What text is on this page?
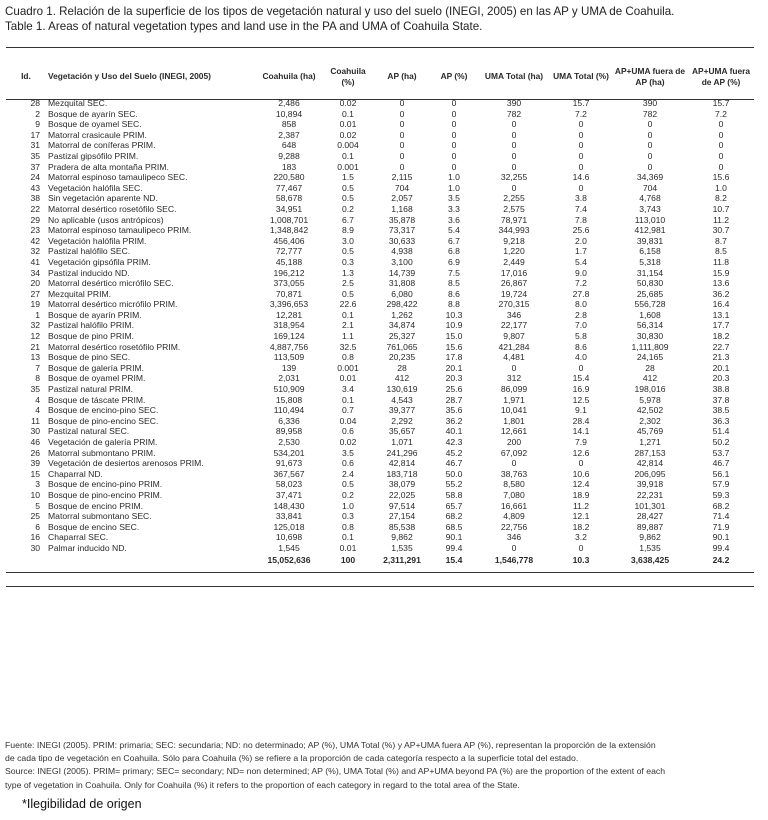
Cuadro 1. Relación de la superficie de los tipos de vegetación natural y uso del suelo (INEGI, 2005) en las AP y UMA de Coahuila.
Table 1. Areas of natural vegetation types and land use in the PA and UMA of Coahuila State.
Id.	Vegetación y Uso del Suelo (INEGI, 2005)	Coahuila (ha)	Coahuila (%)	AP (ha)	AP (%)	UMA Total (ha)	UMA Total (%)	AP+UMA fuera de AP (ha)	AP+UMA fuera de AP (%)
28	Mezquital SEC.	2,486	0.02	0	0	390	15.7	390	15.7
2	Bosque de ayarín SEC.	10,894	0.1	0	0	782	7.2	782	7.2
9	Bosque de oyamel SEC.	858	0.01	0	0	0	0	0	0
17	Matorral crasicaule PRIM.	2,387	0.02	0	0	0	0	0	0
31	Matorral de coníferas PRIM.	648	0.004	0	0	0	0	0	0
35	Pastizal gipsófilo PRIM.	9,288	0.1	0	0	0	0	0	0
37	Pradera de alta montaña PRIM.	183	0.001	0	0	0	0	0	0
24	Matorral espinoso tamaulipeco SEC.	220,580	1.5	2,115	1.0	32,255	14.6	34,369	15.6
43	Vegetación halófila SEC.	77,467	0.5	704	1.0	0	0	704	1.0
38	Sin vegetación aparente ND.	58,678	0.5	2,057	3.5	2,255	3.8	4,768	8.2
22	Matorral desértico rosetófilo SEC.	34,951	0.2	1,168	3.3	2,575	7.4	3,743	10.7
29	No aplicable (usos antrópicos)	1,008,701	6.7	35,878	3.6	78,971	7.8	113,010	11.2
23	Matorral espinoso tamaulipeco PRIM.	1,348,842	8.9	73,317	5.4	344,993	25.6	412,981	30.7
42	Vegetación halófila PRIM.	456,406	3.0	30,633	6.7	9,218	2.0	39,831	8.7
32	Pastizal halófilo SEC.	72,777	0.5	4,938	6.8	1,220	1.7	6,158	8.5
41	Vegetación gipsófila PRIM.	45,188	0.3	3,100	6.9	2,449	5.4	5,318	11.8
34	Pastizal inducido ND.	196,212	1.3	14,739	7.5	17,016	9.0	31,154	15.9
20	Matorral desértico micrófilo SEC.	373,055	2.5	31,808	8.5	26,867	7.2	50,830	13.6
27	Mezquital PRIM.	70,871	0.5	6,080	8.6	19,724	27.8	25,685	36.2
19	Matorral desértico micrófilo PRIM.	3,396,653	22.6	298,422	8.8	270,315	8.0	556,728	16.4
1	Bosque de ayarín PRIM.	12,281	0.1	1,262	10.3	346	2.8	1,608	13.1
32	Pastizal halófilo PRIM.	318,954	2.1	34,874	10.9	22,177	7.0	56,314	17.7
12	Bosque de pino PRIM.	169,124	1.1	25,327	15.0	9,807	5.8	30,830	18.2
21	Matorral desértico rosetófilo PRIM.	4,887,756	32.5	761,065	15.6	421,284	8.6	1,111,809	22.7
13	Bosque de pino SEC.	113,509	0.8	20,235	17.8	4,481	4.0	24,165	21.3
7	Bosque de galería PRIM.	139	0.001	28	20.1	0	0	28	20.1
8	Bosque de oyamel PRIM.	2,031	0.01	412	20.3	312	15.4	412	20.3
35	Pastizal natural PRIM.	510,909	3.4	130,619	25.6	86,099	16.9	198,016	38.8
4	Bosque de táscate PRIM.	15,808	0.1	4,543	28.7	1,971	12.5	5,978	37.8
4	Bosque de encino-pino SEC.	110,494	0.7	39,377	35.6	10,041	9.1	42,502	38.5
11	Bosque de pino-encino SEC.	6,336	0.04	2,292	36.2	1,801	28.4	2,302	36.3
30	Pastizal natural SEC.	89,958	0.6	35,657	40.1	12,661	14.1	45,769	51.4
46	Vegetación de galería PRIM.	2,530	0.02	1,071	42.3	200	7.9	1,271	50.2
26	Matorral submontano PRIM.	534,201	3.5	241,296	45.2	67,092	12.6	287,153	53.7
39	Vegetación de desiertos arenosos PRIM.	91,673	0.6	42,814	46.7	0	0	42,814	46.7
15	Chaparral ND.	367,567	2.4	183,718	50.0	38,763	10.6	206,095	56.1
3	Bosque de encino-pino PRIM.	58,023	0.5	38,079	55.2	8,580	12.4	39,918	57.9
10	Bosque de pino-encino PRIM.	37,471	0.2	22,025	58.8	7,080	18.9	22,231	59.3
5	Bosque de encino PRIM.	148,430	1.0	97,514	65.7	16,661	11.2	101,301	68.2
25	Matorral submontano SEC.	33,841	0.3	27,154	68.2	4,809	12.1	28,427	71.4
6	Bosque de encino SEC.	125,018	0.8	85,538	68.5	22,756	18.2	89,887	71.9
16	Chaparral SEC.	10,698	0.1	9,862	90.1	346	3.2	9,862	90.1
30	Palmar inducido ND.	1,545	0.01	1,535	99.4	0	0	1,535	99.4
		15,052,636	100	2,311,291	15.4	1,546,778	10.3	3,638,425	24.2
Fuente: INEGI (2005). PRIM: primaria; SEC: secundaria; ND: no determinado; AP (%), UMA Total (%) y AP+UMA fuera AP (%), representan la proporción de la extensión
de cada tipo de vegetación en Coahuila. Sólo para Coahuila (%) se refiere a la proporción de cada categoría respecto a la superficie total del estado.
Source: INEGI (2005). PRIM= primary; SEC= secondary; ND= non determined; AP (%), UMA Total (%) and AP+UMA beyond PA (%) are the proportion of the extent of each
type of vegetation in Coahuila. Only for Coahuila (%) it refers to the proportion of each category in regard to the total area of the State.
*Ilegibilidad de origen
